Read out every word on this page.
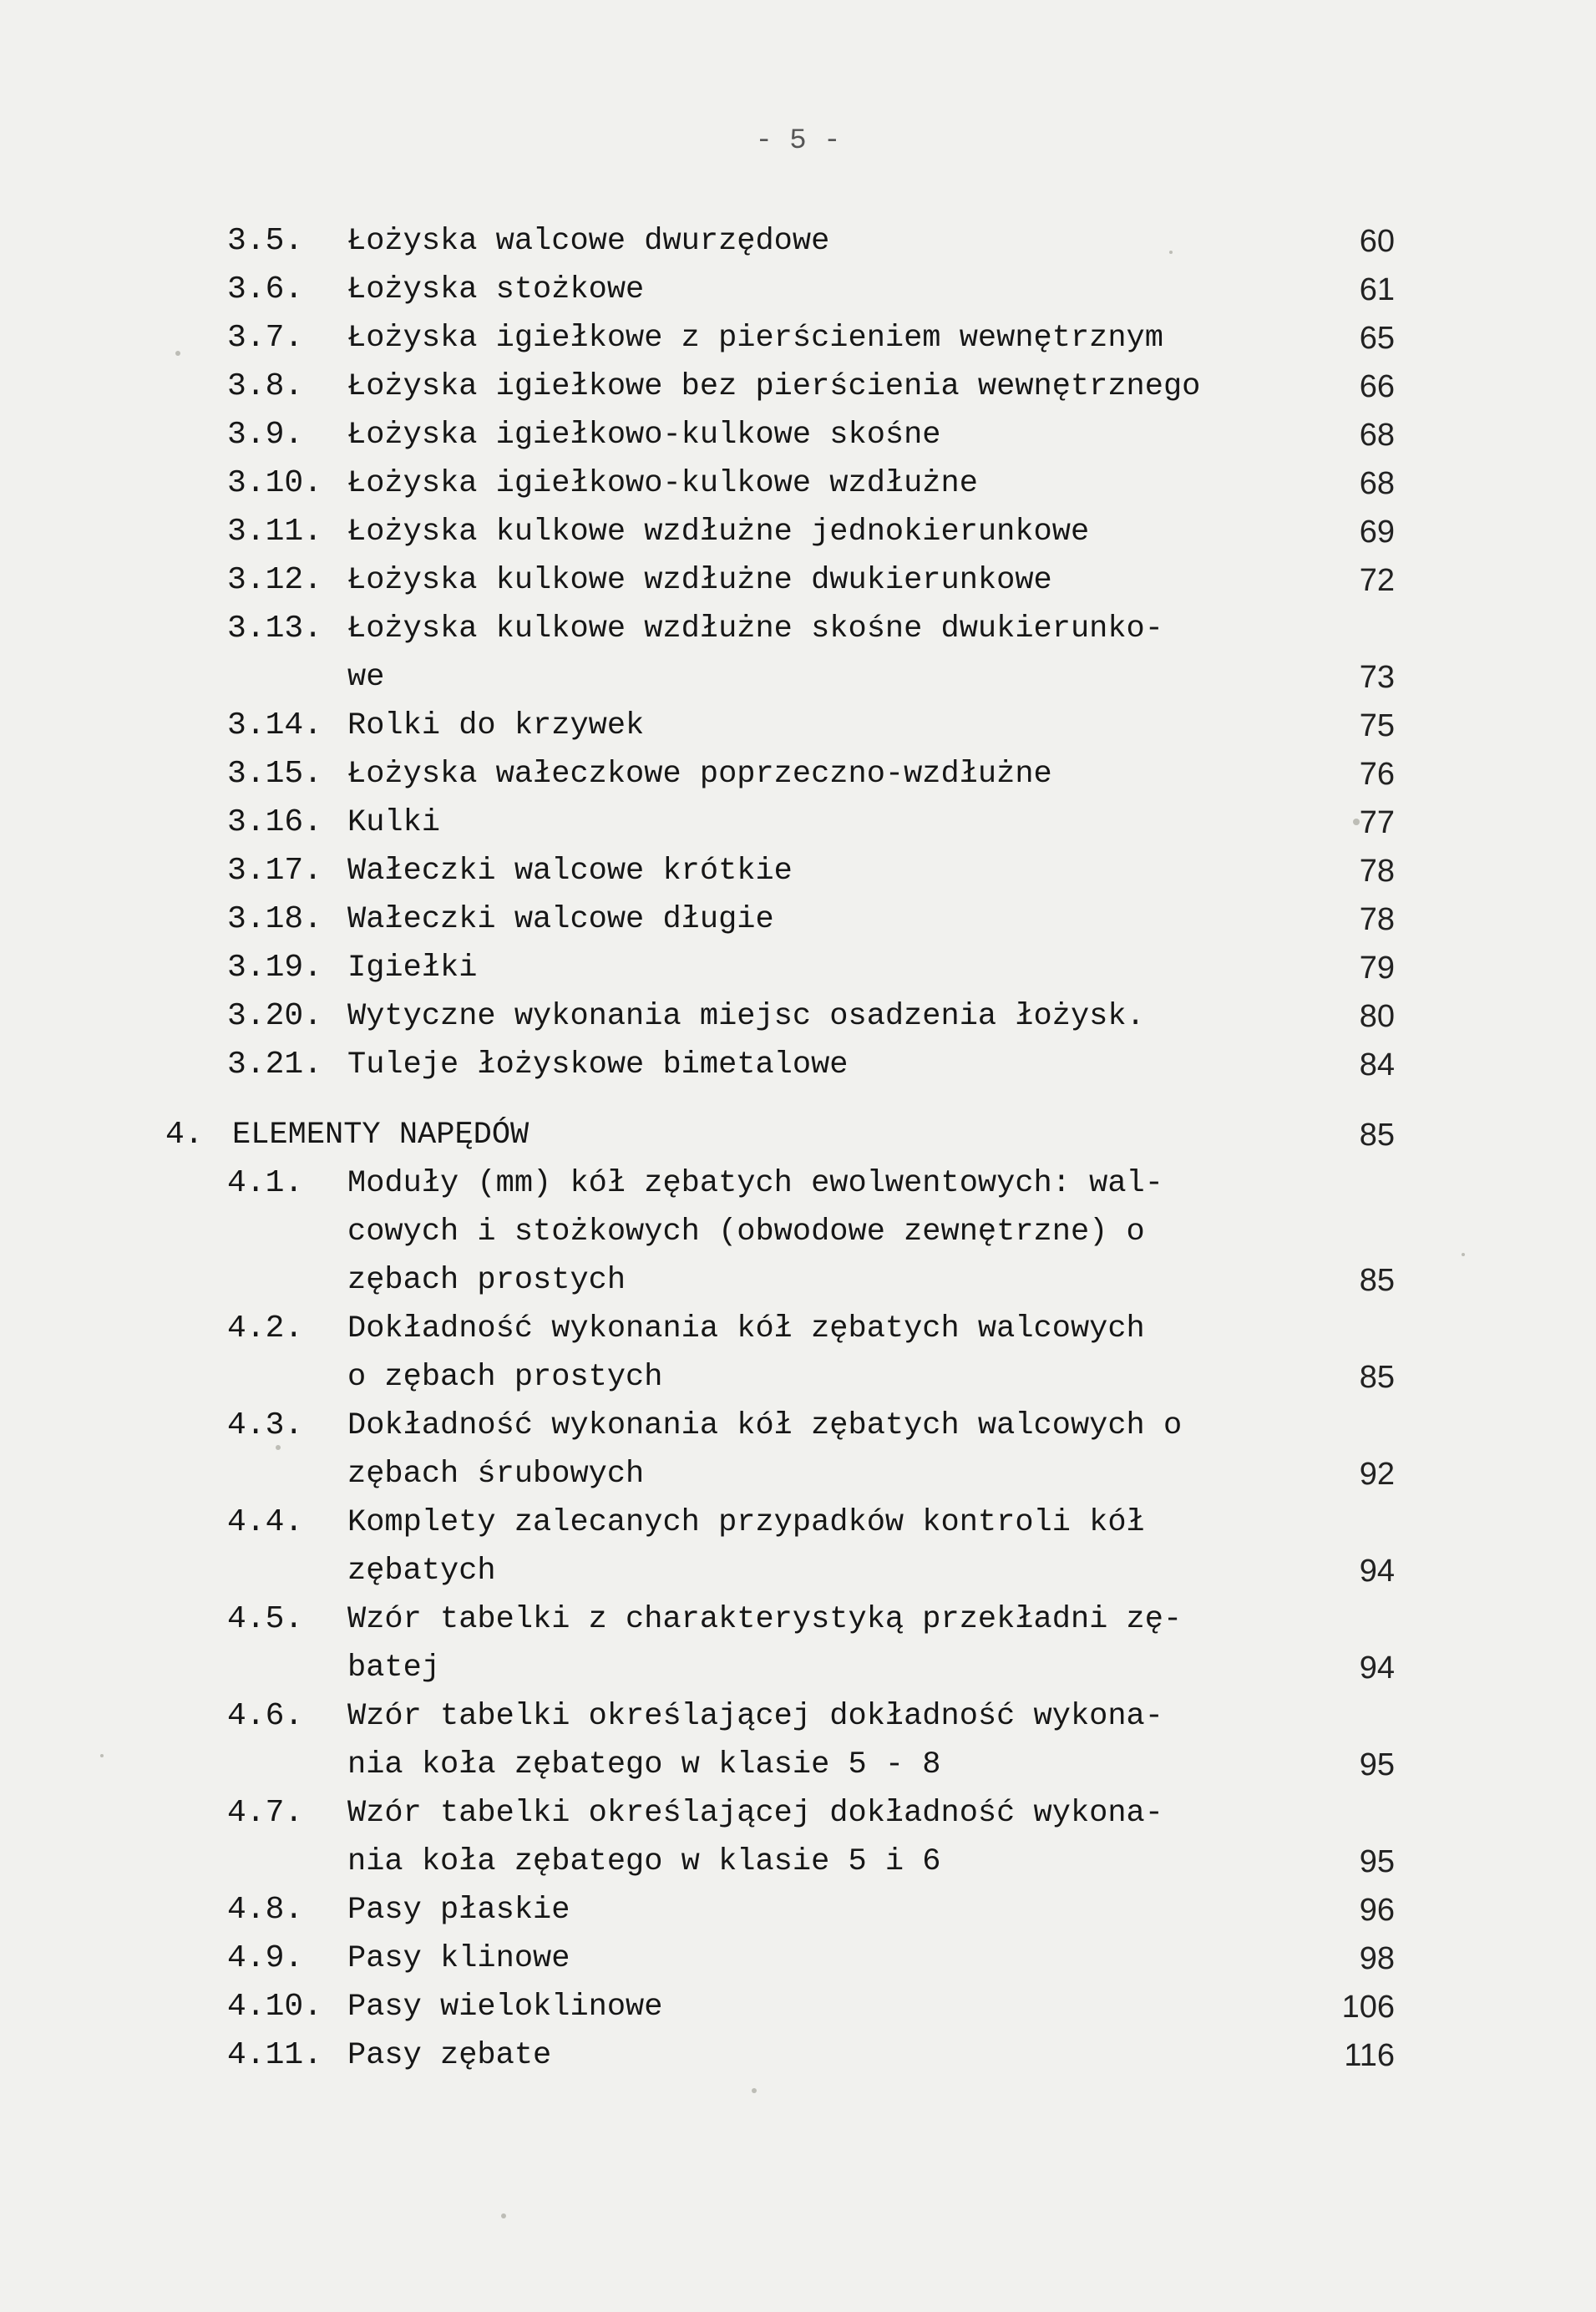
- 5 -
3.5.	Łożyska walcowe dwurzędowe	60
3.6.	Łożyska stożkowe	61
3.7.	Łożyska igiełkowe z pierścieniem wewnętrznym	65
3.8.	Łożyska igiełkowe bez pierścienia wewnętrznego	66
3.9.	Łożyska igiełkowo-kulkowe skośne	68
3.10. Łożyska igiełkowo-kulkowe wzdłużne	68
3.11. Łożyska kulkowe wzdłużne jednokierunkowe	69
3.12. Łożyska kulkowe wzdłużne dwukierunkowe	72
3.13. Łożyska kulkowe wzdłużne skośne dwukierunko-
we	73
3.14. Rolki do krzywek	75
3.15. Łożyska wałeczkowe poprzeczno-wzdłużne	76
3.16. Kulki	77
3.17. Wałeczki walcowe krótkie	78
3.18. Wałeczki walcowe długie	78
3.19. Igiełki	79
3.20. Wytyczne wykonania miejsc osadzenia łożysk.	80
3.21. Tuleje łożyskowe bimetalowe	84
4. ELEMENTY NAPĘDÓW	85
4.1.	Moduły (mm) kół zębatych ewolwentowych: wal-
cowych i stożkowych (obwodowe zewnętrzne) o
zębach prostych	85
4.2.	Dokładność wykonania kół zębatych walcowych
o zębach prostych	85
4.3.	Dokładność wykonania kół zębatych walcowych o
zębach śrubowych	92
4.4.	Komplety zalecanych przypadków kontroli kół
zębatych	94
4.5.	Wzór tabelki z charakterystyką przekładni zę-
batej	94
4.6.	Wzór tabelki określającej dokładność wykona-
nia koła zębatego w klasie 5 - 8	95
4.7.	Wzór tabelki określającej dokładność wykona-
nia koła zębatego w klasie 5 i 6	95
4.8.	Pasy płaskie	96
4.9.	Pasy klinowe	98
4.10. Pasy wieloklinowe	106
4.11. Pasy zębate	116
